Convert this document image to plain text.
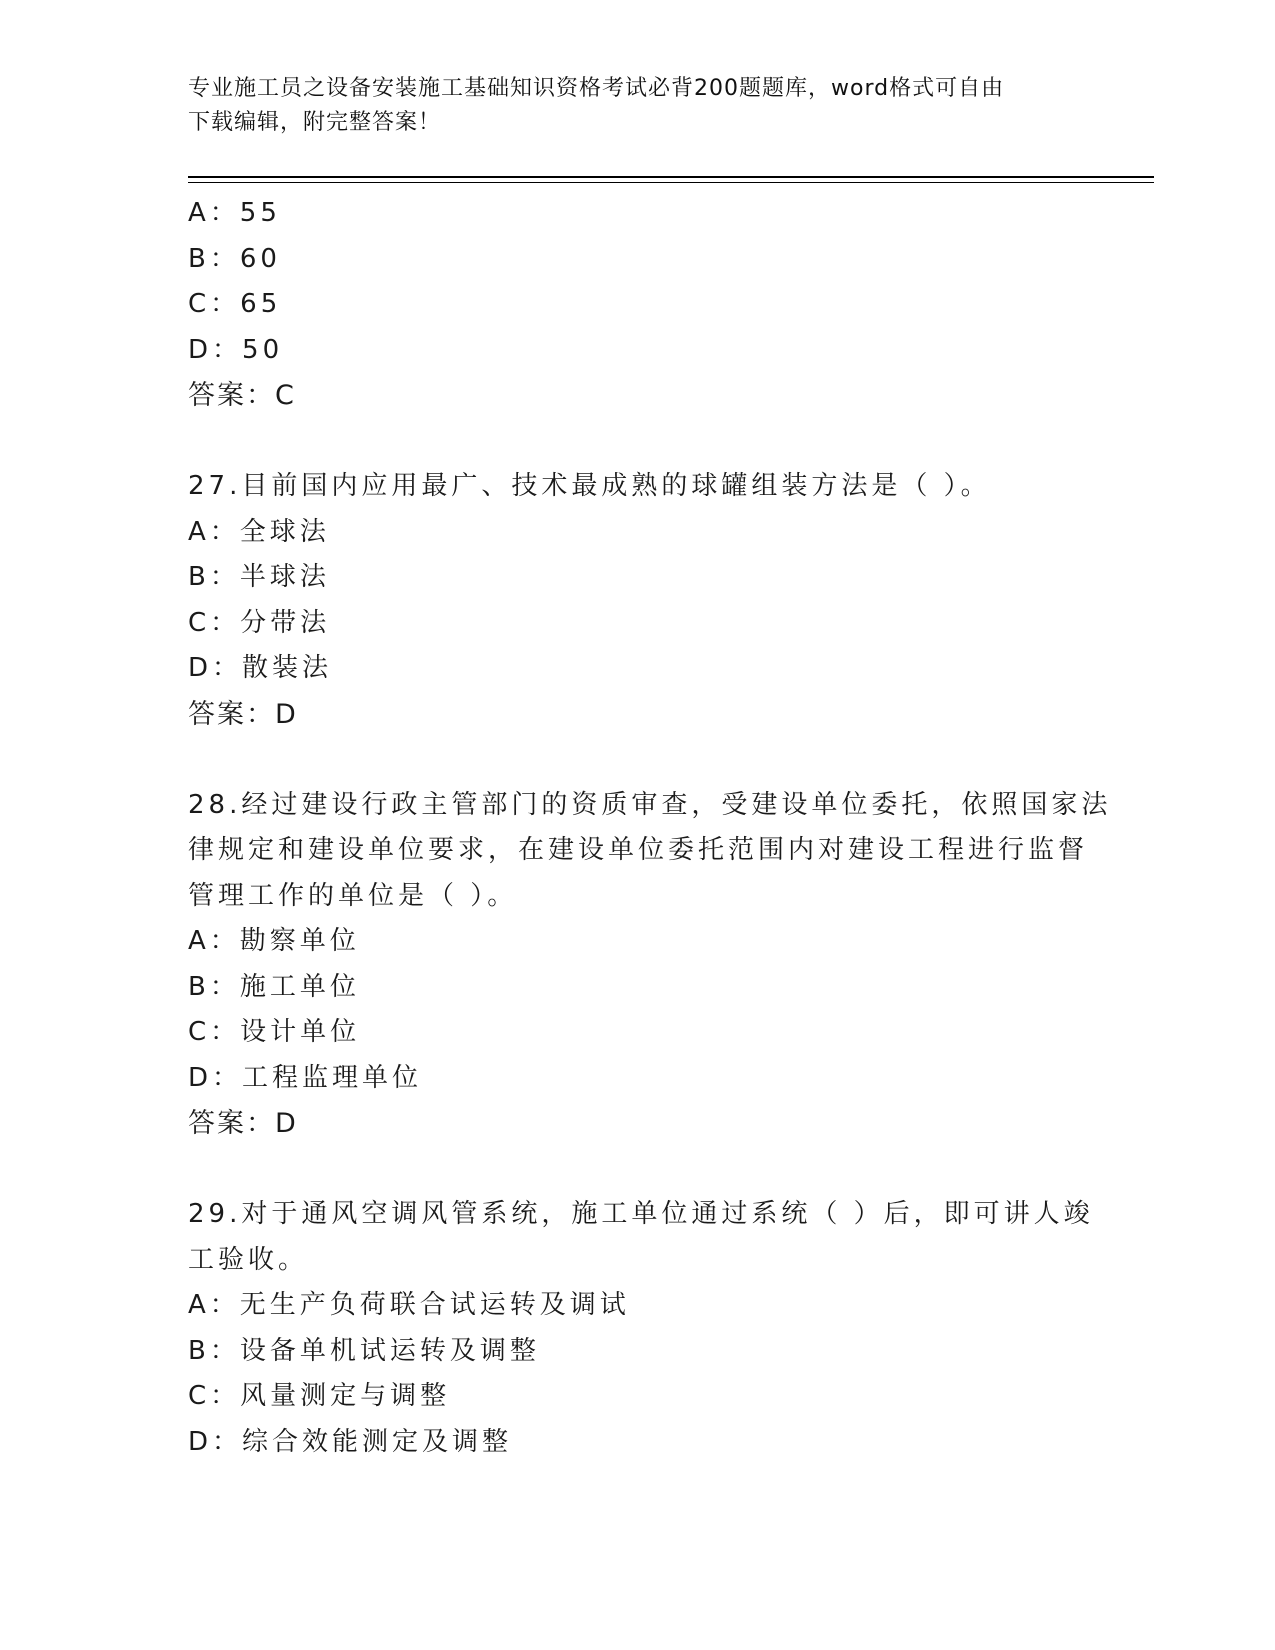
专业施工员之设备安装施工基础知识资格考试必背200题题库，word格式可自由
下载编辑，附完整答案！
A：55
B：60
C：65
D：50
答案：C
27.目前国内应用最广、技术最成熟的球罐组装方法是（ ）。
A：全球法
B：半球法
C：分带法
D：散装法
答案：D
28.经过建设行政主管部门的资质审查，受建设单位委托，依照国家法
律规定和建设单位要求，在建设单位委托范围内对建设工程进行监督
管理工作的单位是（ ）。
A：勘察单位
B：施工单位
C：设计单位
D：工程监理单位
答案：D
29.对于通风空调风管系统，施工单位通过系统（ ）后，即可讲人竣
工验收。
A：无生产负荷联合试运转及调试
B：设备单机试运转及调整
C：风量测定与调整
D：综合效能测定及调整
